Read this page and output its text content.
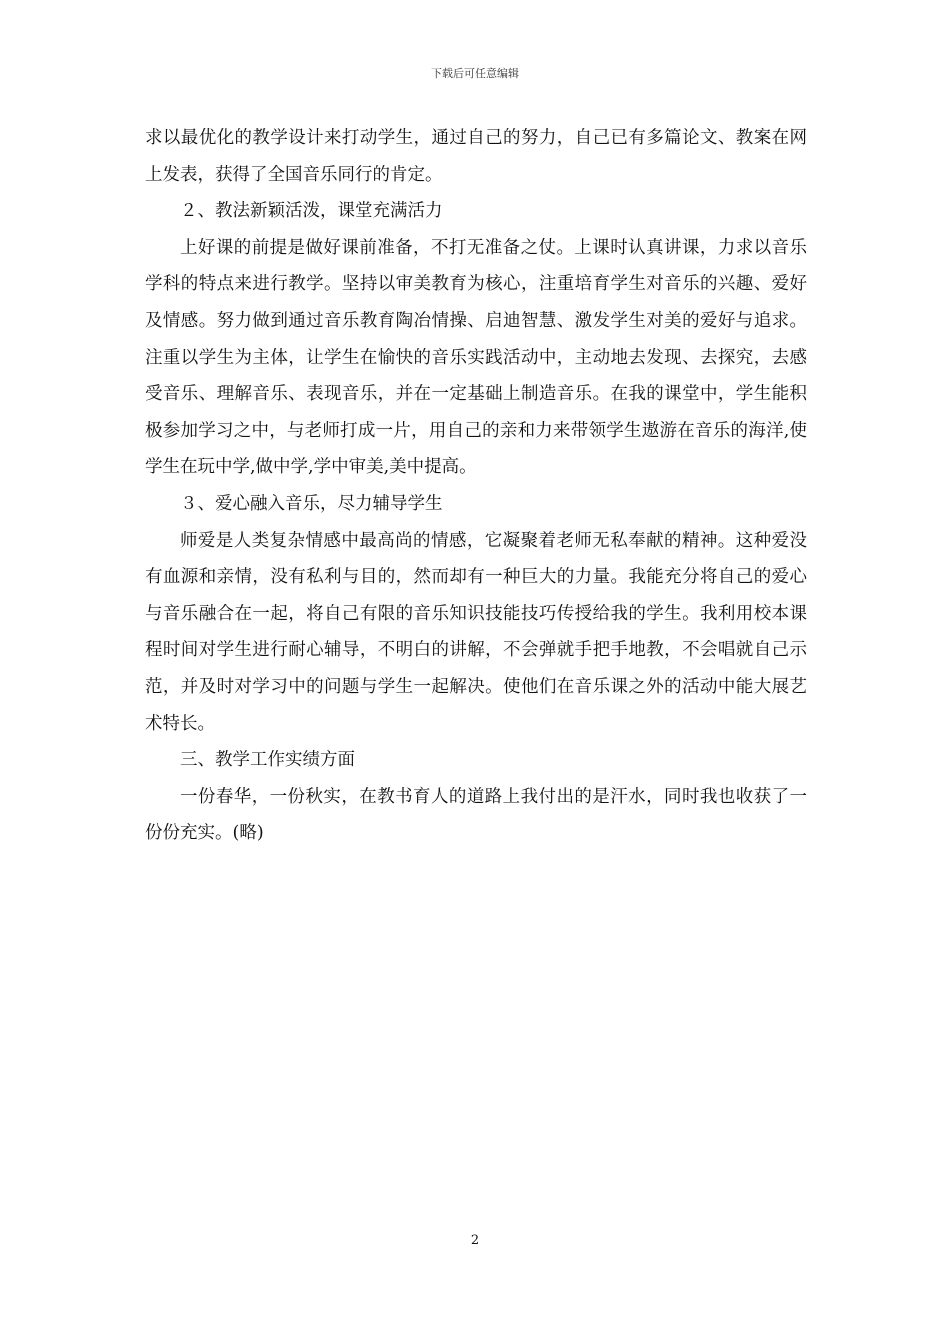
下载后可任意编辑

求以最优化的教学设计来打动学生，通过自己的努力，自己已有多篇论文、教案在网上发表，获得了全国音乐同行的肯定。

２、教法新颖活泼，课堂充满活力

上好课的前提是做好课前准备，不打无准备之仗。上课时认真讲课，力求以音乐学科的特点来进行教学。坚持以审美教育为核心，注重培育学生对音乐的兴趣、爱好及情感。努力做到通过音乐教育陶冶情操、启迪智慧、激发学生对美的爱好与追求。注重以学生为主体，让学生在愉快的音乐实践活动中，主动地去发现、去探究，去感受音乐、理解音乐、表现音乐，并在一定基础上制造音乐。在我的课堂中，学生能积极参加学习之中，与老师打成一片，用自己的亲和力来带领学生遨游在音乐的海洋,使学生在玩中学,做中学,学中审美,美中提高。

３、爱心融入音乐，尽力辅导学生

师爱是人类复杂情感中最高尚的情感，它凝聚着老师无私奉献的精神。这种爱没有血源和亲情，没有私利与目的，然而却有一种巨大的力量。我能充分将自己的爱心与音乐融合在一起，将自己有限的音乐知识技能技巧传授给我的学生。我利用校本课程时间对学生进行耐心辅导，不明白的讲解，不会弹就手把手地教，不会唱就自己示范，并及时对学习中的问题与学生一起解决。使他们在音乐课之外的活动中能大展艺术特长。

三、教学工作实绩方面

一份春华，一份秋实，在教书育人的道路上我付出的是汗水，同时我也收获了一份份充实。(略)

2
